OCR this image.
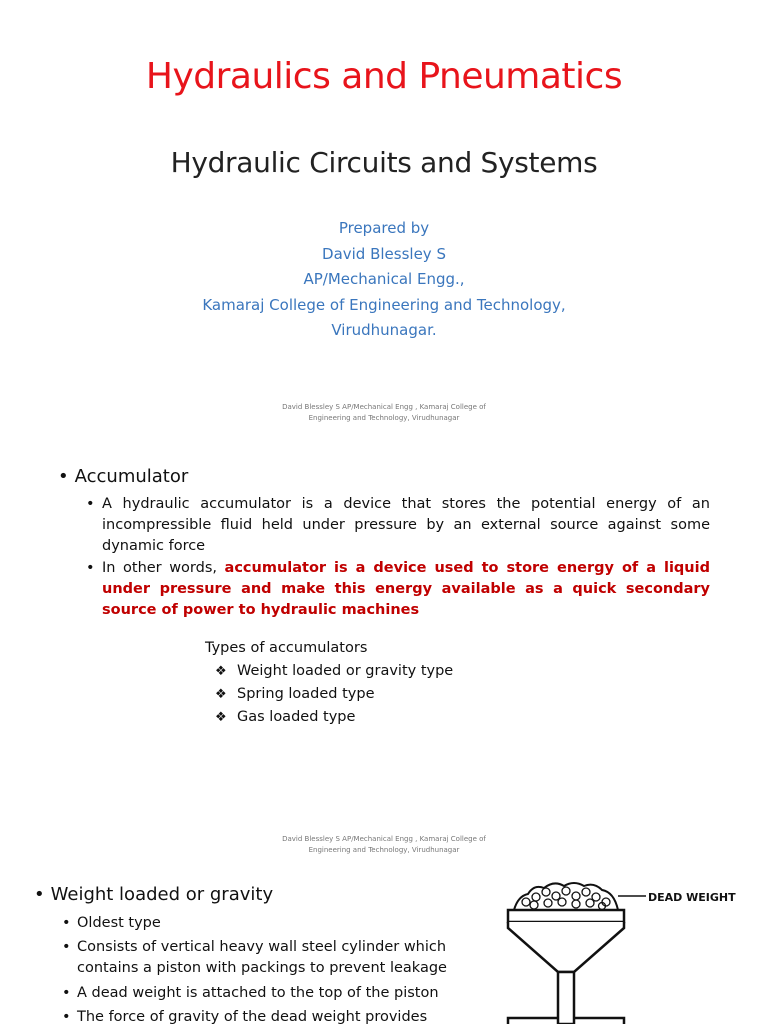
Hydraulics and Pneumatics
Hydraulic Circuits and Systems
Prepared by
David Blessley S
AP/Mechanical Engg.,
Kamaraj College of Engineering and Technology,
Virudhunagar.
David Blessley S AP/Mechanical Engg , Kamaraj College of
Engineering and Technology, Virudhunagar
• Accumulator
• A hydraulic accumulator is a device that stores the potential energy of an incompressible fluid held under pressure by an external source against some dynamic force
• In other words, accumulator is a device used to store energy of a liquid under pressure and make this energy available as a quick secondary source of power to hydraulic machines
Types of accumulators
❖ Weight loaded or gravity type
❖ Spring loaded type
❖ Gas loaded type
David Blessley S AP/Mechanical Engg , Kamaraj College of
Engineering and Technology, Virudhunagar
• Weight loaded or gravity
• Oldest type
• Consists of vertical heavy wall steel cylinder which contains a piston with packings to prevent leakage
• A dead weight is attached to the top of the piston
• The force of gravity of the dead weight provides
DEAD WEIGHT
